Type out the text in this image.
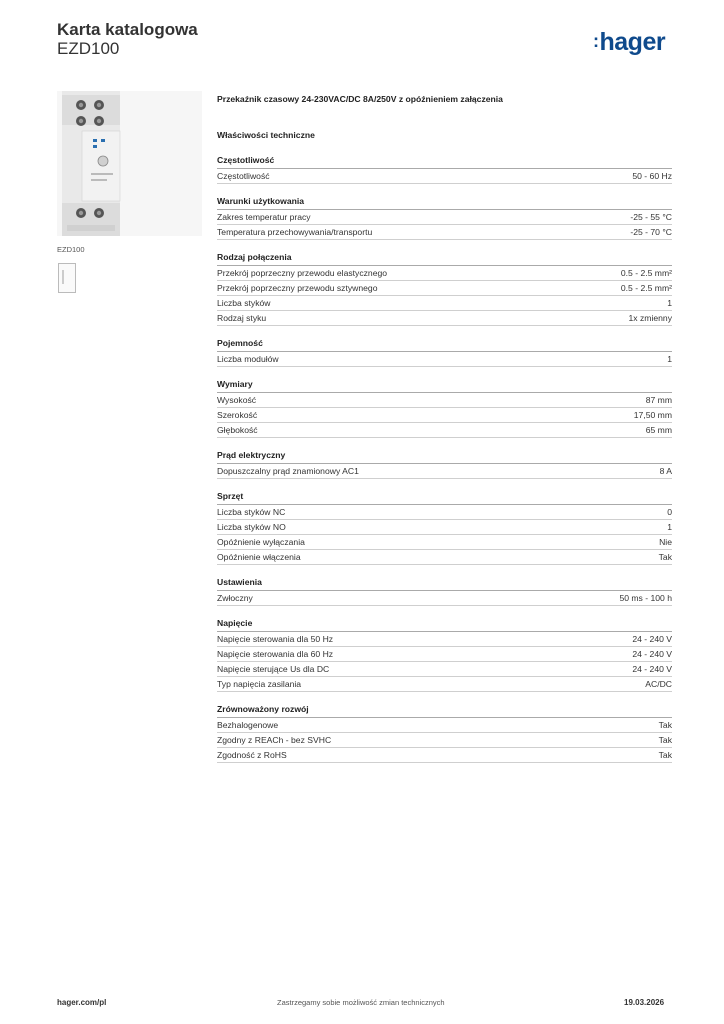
Karta katalogowa
EZD100	:hager
EZD100
Przekaźnik czasowy 24-230VAC/DC 8A/250V z opóźnieniem załączenia
Właściwości techniczne
Częstotliwość
Częstotliwość	50 - 60 Hz
Warunki użytkowania
Zakres temperatur pracy	-25 - 55 °C
Temperatura przechowywania/transportu	-25 - 70 °C
Rodzaj połączenia
Przekrój poprzeczny przewodu elastycznego	0.5 - 2.5 mm²
Przekrój poprzeczny przewodu sztywnego	0.5 - 2.5 mm²
Liczba styków	1
Rodzaj styku	1x zmienny
Pojemność
Liczba modułów	1
Wymiary
Wysokość	87 mm
Szerokość	17,50 mm
Głębokość	65 mm
Prąd elektryczny
Dopuszczalny prąd znamionowy AC1	8 A
Sprzęt
Liczba styków NC	0
Liczba styków NO	1
Opóźnienie wyłączania	Nie
Opóźnienie włączenia	Tak
Ustawienia
Zwłoczny	50 ms - 100 h
Napięcie
Napięcie sterowania dla 50 Hz	24 - 240 V
Napięcie sterowania dla 60 Hz	24 - 240 V
Napięcie sterujące Us dla DC	24 - 240 V
Typ napięcia zasilania	AC/DC
Zrównoważony rozwój
Bezhalogenowe	Tak
Zgodny z REACh - bez SVHC	Tak
Zgodność z RoHS	Tak
hager.com/pl	Zastrzegamy sobie możliwość zmian technicznych	19.03.2026
